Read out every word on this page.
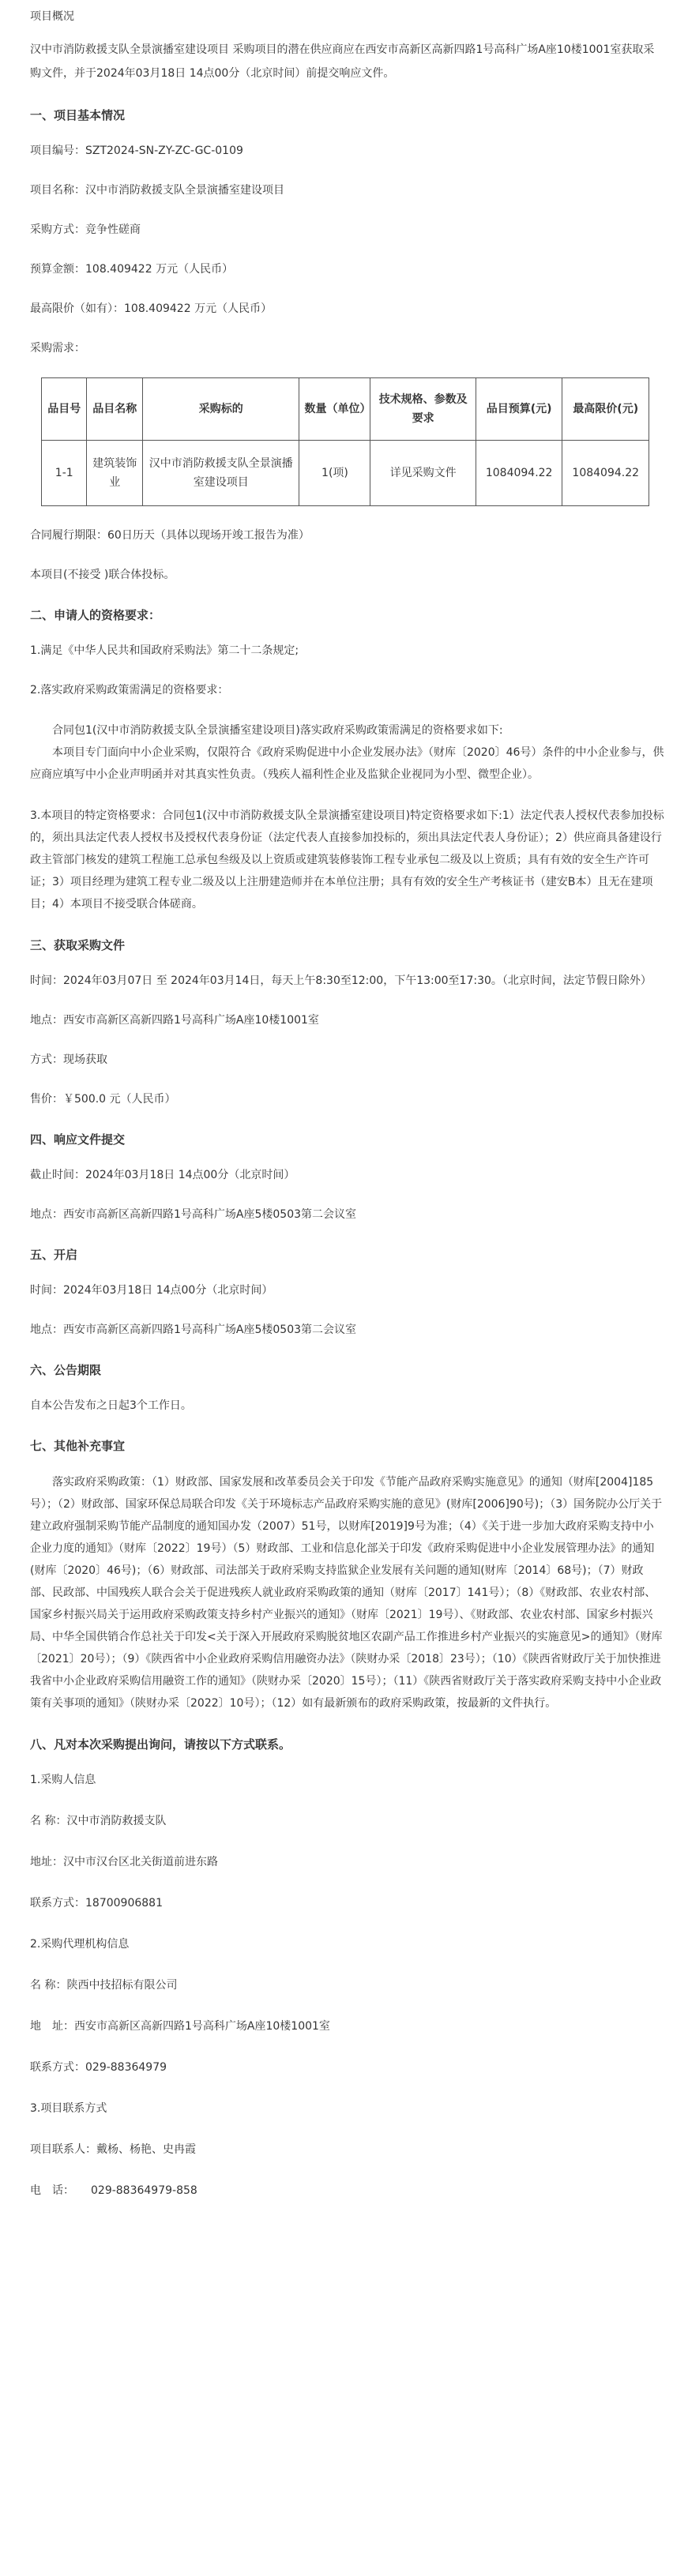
项目概况

汉中市消防救援支队全景演播室建设项目 采购项目的潜在供应商应在西安市高新区高新四路1号高科广场A座10楼1001室获取采购文件，并于2024年03月18日 14点00分（北京时间）前提交响应文件。

一、项目基本情况

项目编号：SZT2024-SN-ZY-ZC-GC-0109

项目名称：汉中市消防救援支队全景演播室建设项目

采购方式：竞争性磋商

预算金额：108.409422 万元（人民币）

最高限价（如有）：108.409422 万元（人民币）

采购需求：

品目号	品目名称	采购标的	数量（单位）	技术规格、参数及要求	品目预算(元)	最高限价(元)
1-1	建筑装饰业	汉中市消防救援支队全景演播室建设项目	1(项)	详见采购文件	1084094.22	1084094.22

合同履行期限：60日历天（具体以现场开竣工报告为准）

本项目(不接受 )联合体投标。

二、申请人的资格要求：

1.满足《中华人民共和国政府采购法》第二十二条规定;

2.落实政府采购政策需满足的资格要求：

合同包1(汉中市消防救援支队全景演播室建设项目)落实政府采购政策需满足的资格要求如下:

本项目专门面向中小企业采购，仅限符合《政府采购促进中小企业发展办法》（财库〔2020〕46号）条件的中小企业参与，供应商应填写中小企业声明函并对其真实性负责。（残疾人福利性企业及监狱企业视同为小型、微型企业）。

3.本项目的特定资格要求：合同包1(汉中市消防救援支队全景演播室建设项目)特定资格要求如下:1）法定代表人授权代表参加投标的，须出具法定代表人授权书及授权代表身份证（法定代表人直接参加投标的，须出具法定代表人身份证）；2）供应商具备建设行政主管部门核发的建筑工程施工总承包叁级及以上资质或建筑装修装饰工程专业承包二级及以上资质；具有有效的安全生产许可证；3）项目经理为建筑工程专业二级及以上注册建造师并在本单位注册；具有有效的安全生产考核证书（建安B本）且无在建项目；4）本项目不接受联合体磋商。

三、获取采购文件

时间：2024年03月07日 至 2024年03月14日，每天上午8:30至12:00，下午13:00至17:30。（北京时间，法定节假日除外）

地点：西安市高新区高新四路1号高科广场A座10楼1001室

方式：现场获取

售价：￥500.0 元（人民币）

四、响应文件提交

截止时间：2024年03月18日 14点00分（北京时间）

地点：西安市高新区高新四路1号高科广场A座5楼0503第二会议室

五、开启

时间：2024年03月18日 14点00分（北京时间）

地点：西安市高新区高新四路1号高科广场A座5楼0503第二会议室

六、公告期限

自本公告发布之日起3个工作日。

七、其他补充事宜

落实政府采购政策：（1）财政部、国家发展和改革委员会关于印发《节能产品政府采购实施意见》的通知（财库[2004]185号）；（2）财政部、国家环保总局联合印发《关于环境标志产品政府采购实施的意见》(财库[2006]90号)；（3）国务院办公厅关于建立政府强制采购节能产品制度的通知国办发（2007）51号，以财库[2019]9号为准；（4）《关于进一步加大政府采购支持中小企业力度的通知》（财库〔2022〕19号）（5）财政部、工业和信息化部关于印发《政府采购促进中小企业发展管理办法》的通知(财库〔2020〕46号)；（6）财政部、司法部关于政府采购支持监狱企业发展有关问题的通知(财库〔2014〕68号)；（7）财政部、民政部、中国残疾人联合会关于促进残疾人就业政府采购政策的通知（财库〔2017〕141号）；（8）《财政部、农业农村部、国家乡村振兴局关于运用政府采购政策支持乡村产业振兴的通知》（财库〔2021〕19号）、《财政部、农业农村部、国家乡村振兴局、中华全国供销合作总社关于印发<关于深入开展政府采购脱贫地区农副产品工作推进乡村产业振兴的实施意见>的通知》（财库〔2021〕20号）；（9）《陕西省中小企业政府采购信用融资办法》（陕财办采〔2018〕23号）；（10）《陕西省财政厅关于加快推进我省中小企业政府采购信用融资工作的通知》（陕财办采〔2020〕15号）；（11）《陕西省财政厅关于落实政府采购支持中小企业政策有关事项的通知》（陕财办采〔2022〕10号）；（12）如有最新颁布的政府采购政策，按最新的文件执行。

八、凡对本次采购提出询问，请按以下方式联系。

1.采购人信息

名 称：汉中市消防救援支队

地址：汉中市汉台区北关街道前进东路

联系方式：18700906881

2.采购代理机构信息

名 称：陕西中技招标有限公司

地　址：西安市高新区高新四路1号高科广场A座10楼1001室

联系方式：029-88364979

3.项目联系方式

项目联系人：戴杨、杨艳、史冉霞

电　话：　　029-88364979-858
